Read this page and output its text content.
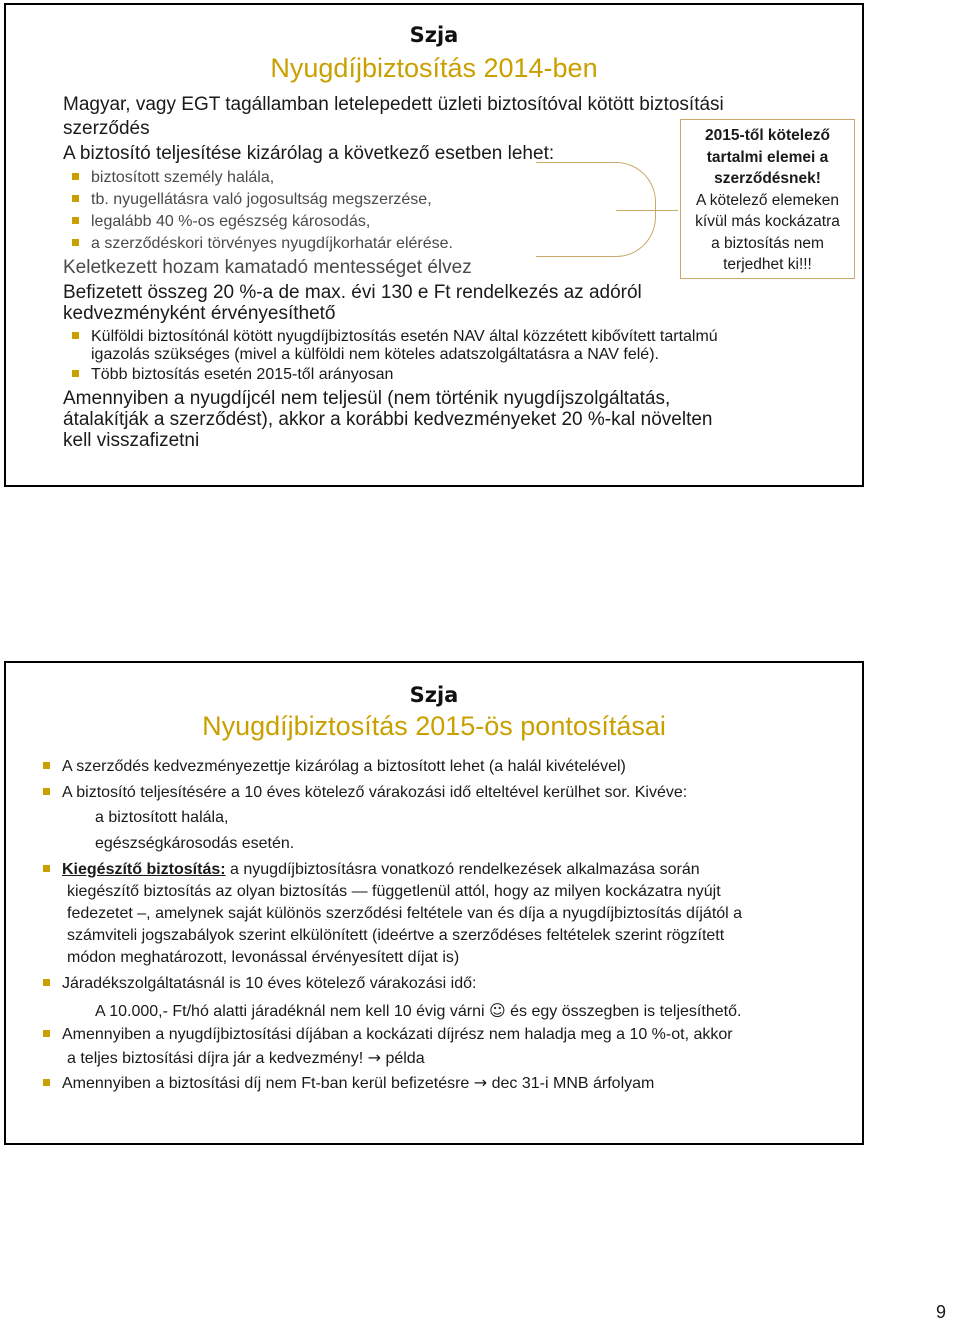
Szja
Nyugdíjbiztosítás 2014-ben
Magyar, vagy EGT tagállamban letelepedett üzleti biztosítóval kötött biztosítási
szerződés
A biztosító teljesítése kizárólag a következő esetben lehet:
biztosított személy halála,
tb. nyugellátásra való jogosultság megszerzése,
legalább 40 %-os egészség károsodás,
a szerződéskori törvényes nyugdíjkorhatár elérése.
Keletkezett hozam kamatadó mentességet élvez
Befizetett összeg 20 %-a de max. évi 130 e Ft rendelkezés az adóról
kedvezményként érvényesíthető
Külföldi biztosítónál kötött nyugdíjbiztosítás esetén NAV által közzétett kibővített tartalmú
igazolás szükséges (mivel a külföldi nem köteles adatszolgáltatásra a NAV felé).
Több biztosítás esetén 2015-től arányosan
Amennyiben a nyugdíjcél nem teljesül (nem történik nyugdíjszolgáltatás,
átalakítják a szerződést), akkor a korábbi kedvezményeket 20 %-kal növelten
kell visszafizetni
2015-től kötelező
tartalmi elemei a
szerződésnek!
A kötelező elemeken
kívül más kockázatra
a biztosítás nem
terjedhet ki!!!
Szja
Nyugdíjbiztosítás 2015-ös pontosításai
A szerződés kedvezményezettje kizárólag a biztosított lehet (a halál kivételével)
A biztosító teljesítésére a 10 éves kötelező várakozási idő elteltével kerülhet sor. Kivéve:
a biztosított halála,
egészségkárosodás esetén.
Kiegészítő biztosítás: a nyugdíjbiztosításra vonatkozó rendelkezések alkalmazása során
kiegészítő biztosítás az olyan biztosítás — függetlenül attól, hogy az milyen kockázatra nyújt
fedezetet –, amelynek saját különös szerződési feltétele van és díja a nyugdíjbiztosítás díjától a
számviteli jogszabályok szerint elkülönített (ideértve a szerződéses feltételek szerint rögzített
módon meghatározott, levonással érvényesített díjat is)
Járadékszolgáltatásnál is 10 éves kötelező várakozási idő:
A 10.000,- Ft/hó alatti járadéknál nem kell 10 évig várni ☺ és egy összegben is teljesíthető.
Amennyiben a nyugdíjbiztosítási díjában a kockázati díjrész nem haladja meg a 10 %-ot, akkor
a teljes biztosítási díjra jár a kedvezmény! → példa
Amennyiben a biztosítási díj nem Ft-ban kerül befizetésre → dec 31-i MNB árfolyam
9
